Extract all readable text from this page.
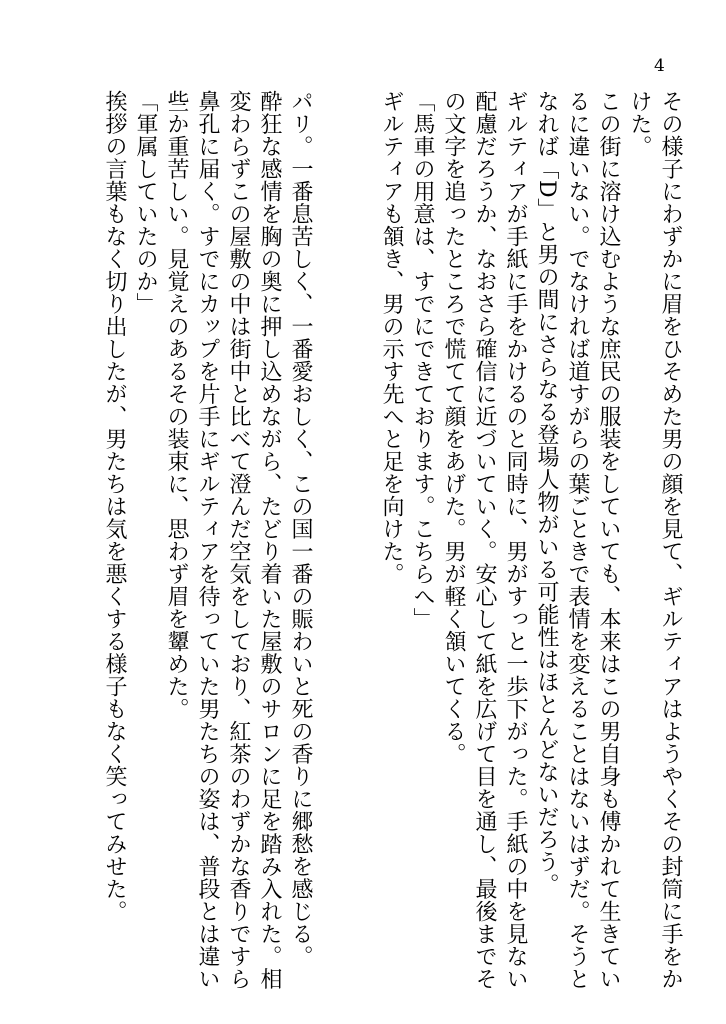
4

その様子にわずかに眉をひそめた男の顔を見て、ギルティアはようやくその封筒に手をかけた。

この街に溶け込むような庶民の服装をしていても、本来はこの男自身も傅かれて生きているに違いない。でなければ道すがらの葉ごときで表情を変えることはないはずだ。そうとなれば「D」と男の間にさらなる登場人物がいる可能性はほとんどないだろう。

ギルティアが手紙に手をかけるのと同時に、男がすっと一歩下がった。手紙の中を見ない配慮だろうか、なおさら確信に近づいていく。安心して紙を広げて目を通し、最後までその文字を追ったところで慌てて顔をあげた。男が軽く頷いてくる。

「馬車の用意は、すでにできております。こちらへ」

ギルティアも頷き、男の示す先へと足を向けた。

パリ。一番息苦しく、一番愛おしく、この国一番の賑わいと死の香りに郷愁を感じる。

酔狂な感情を胸の奥に押し込めながら、たどり着いた屋敷のサロンに足を踏み入れた。相変わらずこの屋敷の中は街中と比べて澄んだ空気をしており、紅茶のわずかな香りですら鼻孔に届く。すでにカップを片手にギルティアを待っていた男たちの姿は、普段とは違い些か重苦しい。見覚えのあるその装束に、思わず眉を顰めた。

「軍属していたのか」

挨拶の言葉もなく切り出したが、男たちは気を悪くする様子もなく笑ってみせた。
